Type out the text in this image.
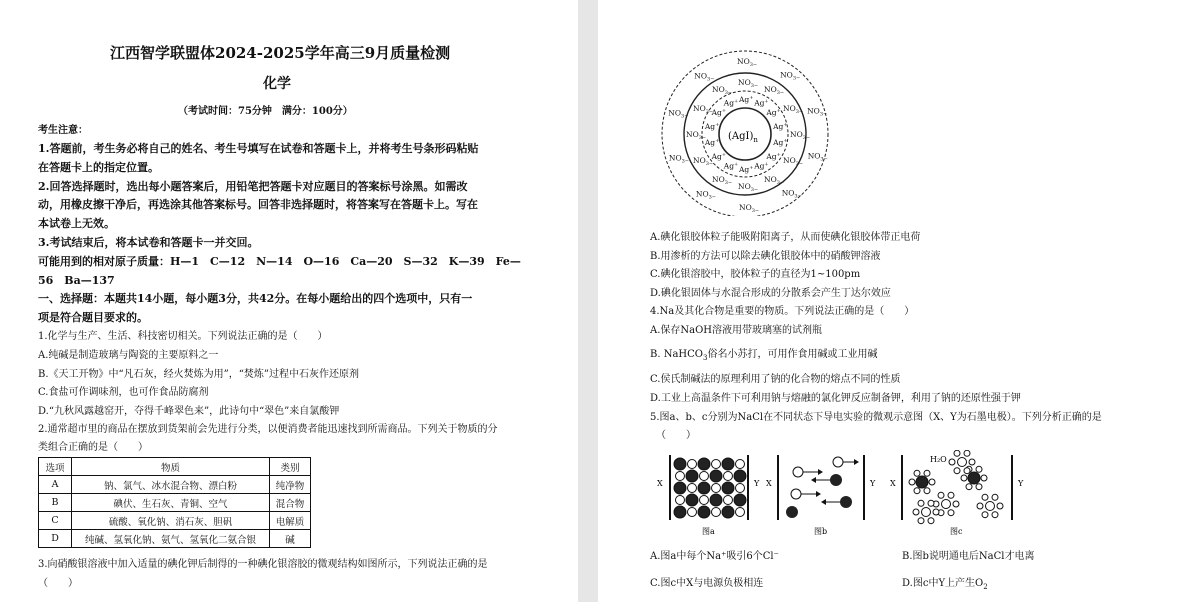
江西智学联盟体2024-2025学年高三9月质量检测
化学
（考试时间：75分钟　满分：100分）
考生注意：
1.答题前，考生务必将自己的姓名、考生号填写在试卷和答题卡上，并将考生号条形码粘贴
在答题卡上的指定位置。
2.回答选择题时，选出每小题答案后，用铅笔把答题卡对应题目的答案标号涂黑。如需改
动，用橡皮擦干净后，再选涂其他答案标号。回答非选择题时，将答案写在答题卡上。写在
本试卷上无效。
3.考试结束后，将本试卷和答题卡一并交回。
可能用到的相对原子质量：H—1　C—12　N—14　O—16　Ca—20　S—32　K—39　Fe—
56　Ba—137
一、选择题：本题共14小题，每小题3分，共42分。在每小题给出的四个选项中，只有一
项是符合题目要求的。
1.化学与生产、生活、科技密切相关。下列说法正确的是（　　）
A.纯碱是制造玻璃与陶瓷的主要原料之一
B.《天工开物》中“凡石灰，经火焚炼为用”，“焚炼”过程中石灰作还原剂
C.食盐可作调味剂，也可作食品防腐剂
D.“九秋风露越窑开，夺得千峰翠色来”，此诗句中“翠色”来自氯酸钾
2.通常超市里的商品在摆放到货架前会先进行分类，以便消费者能迅速找到所需商品。下列关于物质的分
类组合正确的是（　　）
选项	物质	类别
A	钠、氯气、冰水混合物、漂白粉	纯净物
B	碘伏、生石灰、青铜、空气	混合物
C	硫酸、氧化钠、消石灰、胆矾	电解质
D	纯碱、氢氧化钠、氨气、氢氧化二氨合银	碱
3.向硝酸银溶液中加入适量的碘化钾后制得的一种碘化银溶胶的微观结构如图所示，下列说法正确的是
（　　）
$(AgI)_n$
Ag+
Ag+
Ag+
Ag+
Ag+
Ag+
Ag+
Ag+
Ag+
Ag+
Ag+
Ag+
Ag+
Ag+
$NO_{3-}$
$NO_{3-}$
$NO_{3-}$
$NO_{3-}$
$NO_{3-}$
$NO_{3-}$
$NO_{3-}$
$NO_{3-}$
$NO_{3-}$
$NO_{3-}$ $NO_{3-}$
$NO_{3-}$
$NO_{3-}$
$NO_{3-}$
$NO_{3-}$
$NO_{3-}$
$NO_{3-}$
$NO_{3-}$
$NO_{3-}$
$NO_{3-}$
$NO_{3-}$
$NO_{3-}$
A.碘化银胶体粒子能吸附阳离子，从而使碘化银胶体带正电荷
B.用渗析的方法可以除去碘化银胶体中的硝酸钾溶液
C.碘化银溶胶中，胶体粒子的直径为1~100pm
D.碘化银固体与水混合形成的分散系会产生丁达尔效应
4.Na及其化合物是重要的物质。下列说法正确的是（　　）
A.保存NaOH溶液用带玻璃塞的试剂瓶
B. NaHCO$_3$俗名小苏打，可用作食用碱或工业用碱
C.侯氏制碱法的原理利用了钠的化合物的熔点不同的性质
D.工业上高温条件下可利用钠与熔融的氯化钾反应制备钾，利用了钠的还原性强于钾
5.图a、b、c分别为NaCl在不同状态下导电实验的微观示意图（X、Y为石墨电极）。下列分析正确的是
（　　）
X	Y
图a
X	Y
图b
X	Y
H₂O
图c
A.图a中每个Na⁺吸引6个Cl⁻	B.图b说明通电后NaCl才电离
C.图c中X与电源负极相连	D.图c中Y上产生$O_2$
